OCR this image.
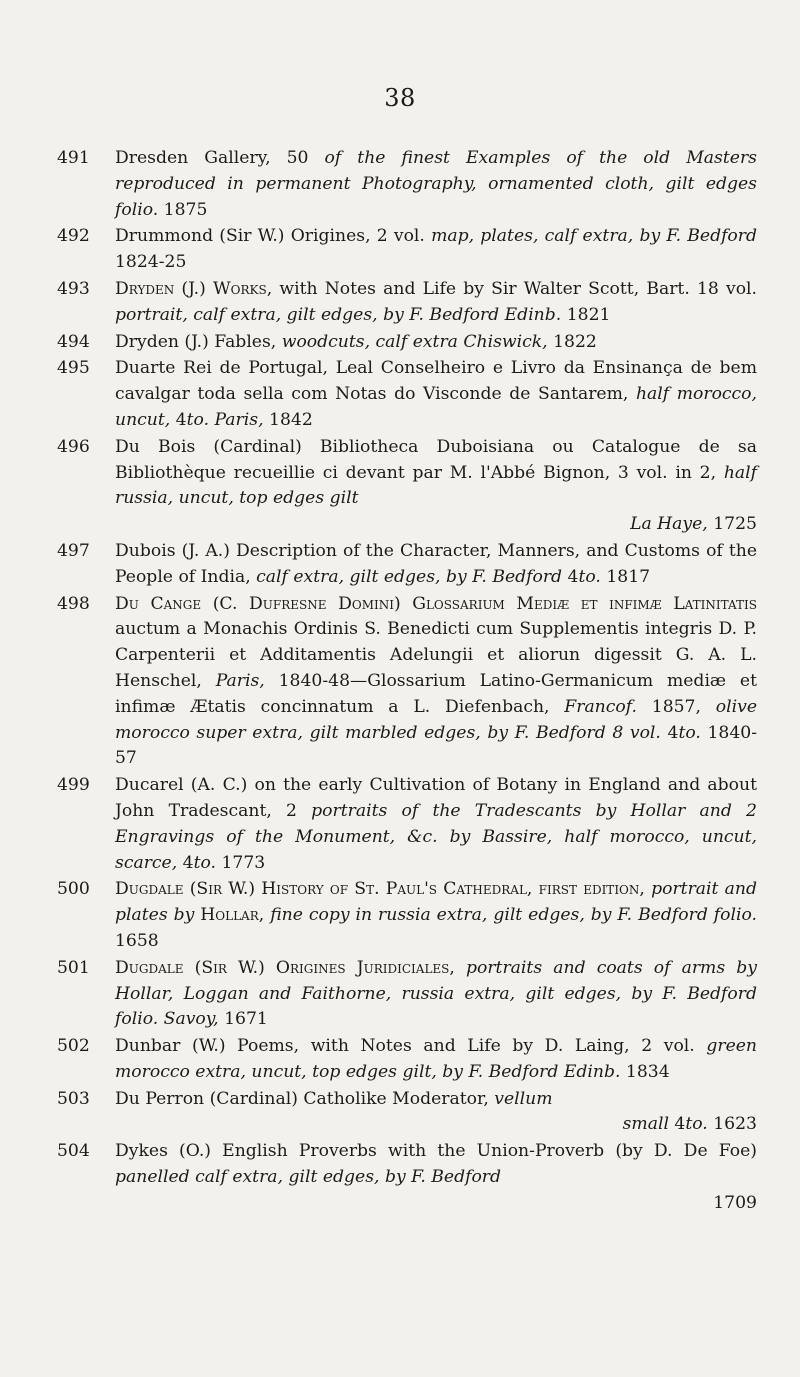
38
491 Dresden Gallery, 50 of the finest Examples of the old Masters reproduced in permanent Photography, ornamented cloth, gilt edges folio. 1875
492 Drummond (Sir W.) Origines, 2 vol. map, plates, calf extra, by F. Bedford 1824-25
493 Dryden (J.) Works, with Notes and Life by Sir Walter Scott, Bart. 18 vol. portrait, calf extra, gilt edges, by F. Bedford Edinb. 1821
494 Dryden (J.) Fables, woodcuts, calf extra Chiswick, 1822
495 Duarte Rei de Portugal, Leal Conselheiro e Livro da Ensinança de bem cavalgar toda sella com Notas do Visconde de Santarem, half morocco, uncut, 4to. Paris, 1842
496 Du Bois (Cardinal) Bibliotheca Duboisiana ou Catalogue de sa Bibliothèque recueillie ci devant par M. l'Abbé Bignon, 3 vol. in 2, half russia, uncut, top edges gilt
La Haye, 1725
497 Dubois (J. A.) Description of the Character, Manners, and Customs of the People of India, calf extra, gilt edges, by F. Bedford 4to. 1817
498 Du Cange (C. Dufresne Domini) Glossarium Mediæ et infimæ Latinitatis auctum a Monachis Ordinis S. Benedicti cum Supplementis integris D. P. Carpenterii et Additamentis Adelungii et aliorun digessit G. A. L. Henschel, Paris, 1840-48—Glossarium Latino-Germanicum mediæ et infimæ Ætatis concinnatum a L. Diefenbach, Francof. 1857, olive morocco super extra, gilt marbled edges, by F. Bedford 8 vol. 4to. 1840-57
499 Ducarel (A. C.) on the early Cultivation of Botany in England and about John Tradescant, 2 portraits of the Tradescants by Hollar and 2 Engravings of the Monument, &c. by Bassire, half morocco, uncut, scarce, 4to. 1773
500 Dugdale (Sir W.) History of St. Paul's Cathedral, first edition, portrait and plates by Hollar, fine copy in russia extra, gilt edges, by F. Bedford folio. 1658
501 Dugdale (Sir W.) Origines Juridiciales, portraits and coats of arms by Hollar, Loggan and Faithorne, russia extra, gilt edges, by F. Bedford folio. Savoy, 1671
502 Dunbar (W.) Poems, with Notes and Life by D. Laing, 2 vol. green morocco extra, uncut, top edges gilt, by F. Bedford Edinb. 1834
503 Du Perron (Cardinal) Catholike Moderator, vellum
small 4to. 1623
504 Dykes (O.) English Proverbs with the Union-Proverb (by D. De Foe) panelled calf extra, gilt edges, by F. Bedford
1709
